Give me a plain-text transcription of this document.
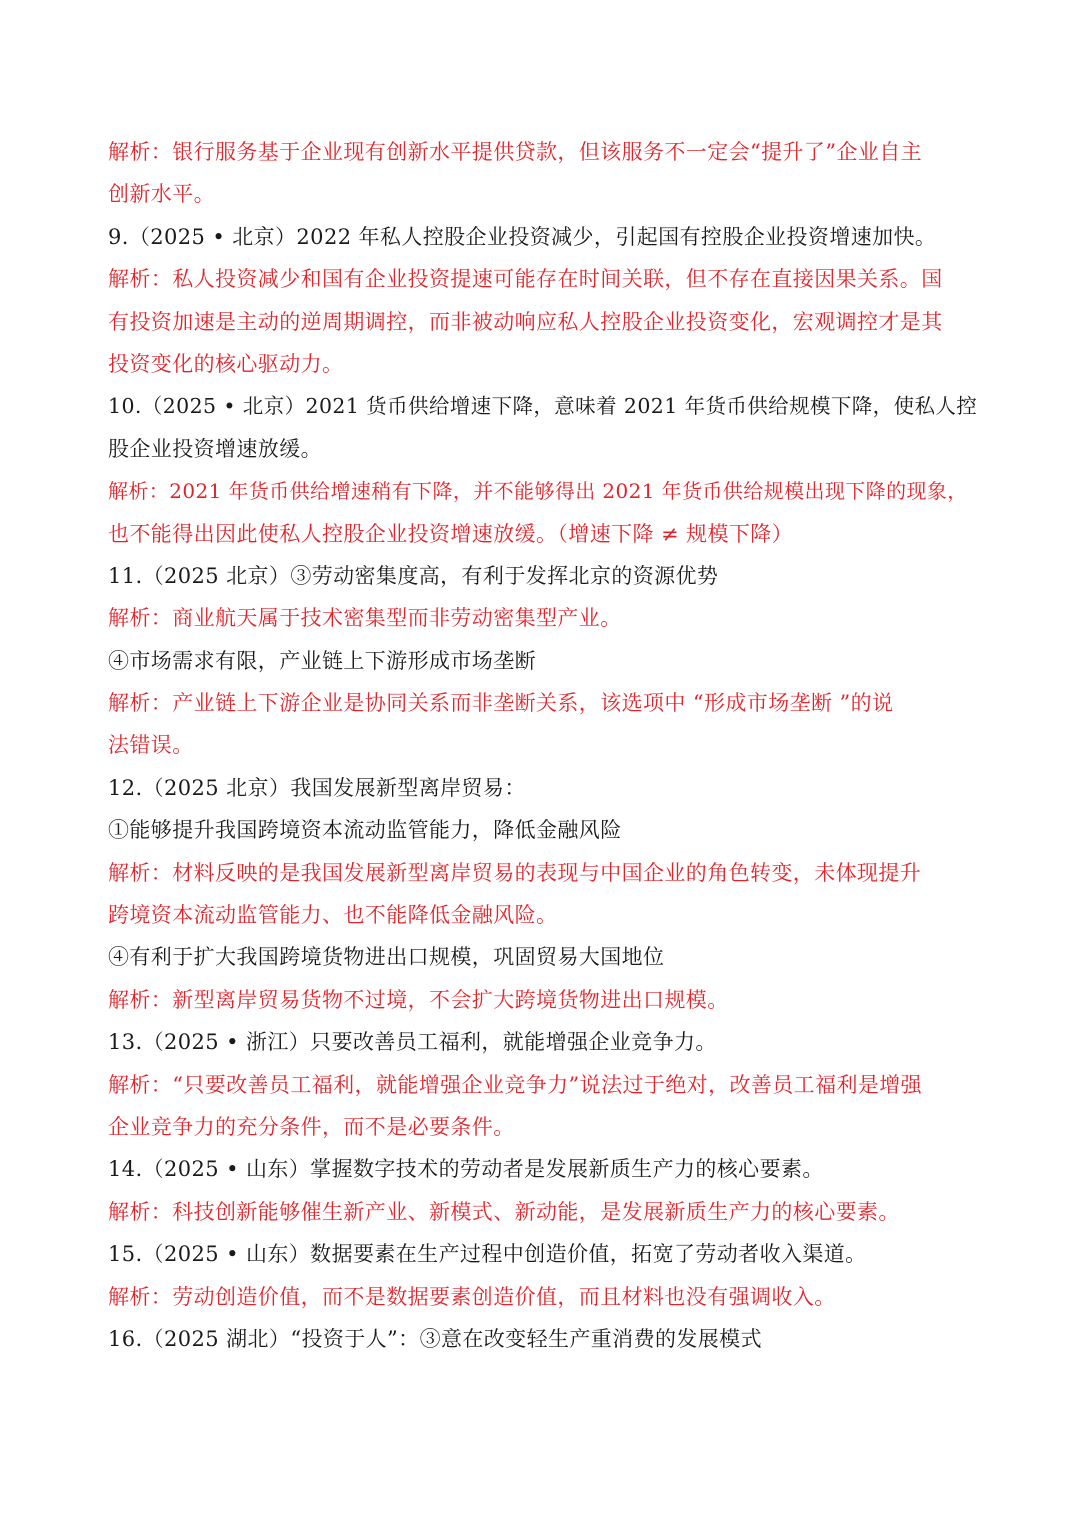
解析：银行服务基于企业现有创新水平提供贷款，但该服务不一定会“提升了”企业自主
创新水平。
9.（2025 • 北京）2022 年私人控股企业投资减少，引起国有控股企业投资增速加快。
解析：私人投资减少和国有企业投资提速可能存在时间关联，但不存在直接因果关系。国
有投资加速是主动的逆周期调控，而非被动响应私人控股企业投资变化，宏观调控才是其
投资变化的核心驱动力。
10.（2025 • 北京）2021 货币供给增速下降，意味着 2021 年货币供给规模下降，使私人控
股企业投资增速放缓。
解析：2021 年货币供给增速稍有下降，并不能够得出 2021 年货币供给规模出现下降的现象，
也不能得出因此使私人控股企业投资增速放缓。（增速下降 ≠ 规模下降）
11.（2025 北京）③劳动密集度高，有利于发挥北京的资源优势
解析：商业航天属于技术密集型而非劳动密集型产业。
④市场需求有限，产业链上下游形成市场垄断
解析：产业链上下游企业是协同关系而非垄断关系，该选项中 “形成市场垄断 ”的说
法错误。
12.（2025 北京）我国发展新型离岸贸易：
①能够提升我国跨境资本流动监管能力，降低金融风险
解析：材料反映的是我国发展新型离岸贸易的表现与中国企业的角色转变，未体现提升
跨境资本流动监管能力、也不能降低金融风险。
④有利于扩大我国跨境货物进出口规模，巩固贸易大国地位
解析：新型离岸贸易货物不过境，不会扩大跨境货物进出口规模。
13.（2025 • 浙江）只要改善员工福利，就能增强企业竞争力。
解析：“只要改善员工福利，就能增强企业竞争力”说法过于绝对，改善员工福利是增强
企业竞争力的充分条件，而不是必要条件。
14.（2025 • 山东）掌握数字技术的劳动者是发展新质生产力的核心要素。
解析：科技创新能够催生新产业、新模式、新动能，是发展新质生产力的核心要素。
15.（2025 • 山东）数据要素在生产过程中创造价值，拓宽了劳动者收入渠道。
解析：劳动创造价值，而不是数据要素创造价值，而且材料也没有强调收入。
16.（2025 湖北）“投资于人”：③意在改变轻生产重消费的发展模式
